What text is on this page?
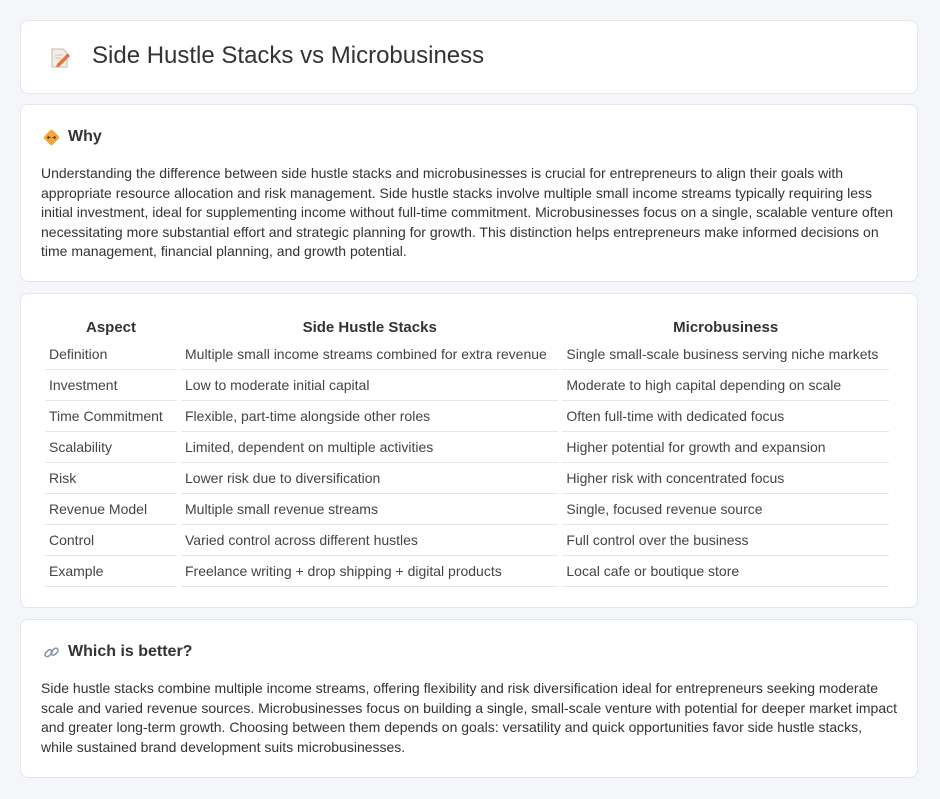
Side Hustle Stacks vs Microbusiness
Why

Understanding the difference between side hustle stacks and microbusinesses is crucial for entrepreneurs to align their goals with appropriate resource allocation and risk management. Side hustle stacks involve multiple small income streams typically requiring less initial investment, ideal for supplementing income without full-time commitment. Microbusinesses focus on a single, scalable venture often necessitating more substantial effort and strategic planning for growth. This distinction helps entrepreneurs make informed decisions on time management, financial planning, and growth potential.

Aspect	Side Hustle Stacks	Microbusiness
Definition	Multiple small income streams combined for extra revenue	Single small-scale business serving niche markets
Investment	Low to moderate initial capital	Moderate to high capital depending on scale
Time Commitment	Flexible, part-time alongside other roles	Often full-time with dedicated focus
Scalability	Limited, dependent on multiple activities	Higher potential for growth and expansion
Risk	Lower risk due to diversification	Higher risk with concentrated focus
Revenue Model	Multiple small revenue streams	Single, focused revenue source
Control	Varied control across different hustles	Full control over the business
Example	Freelance writing + drop shipping + digital products	Local cafe or boutique store
Which is better?

Side hustle stacks combine multiple income streams, offering flexibility and risk diversification ideal for entrepreneurs seeking moderate scale and varied revenue sources. Microbusinesses focus on building a single, small-scale venture with potential for deeper market impact and greater long-term growth. Choosing between them depends on goals: versatility and quick opportunities favor side hustle stacks, while sustained brand development suits microbusinesses.
